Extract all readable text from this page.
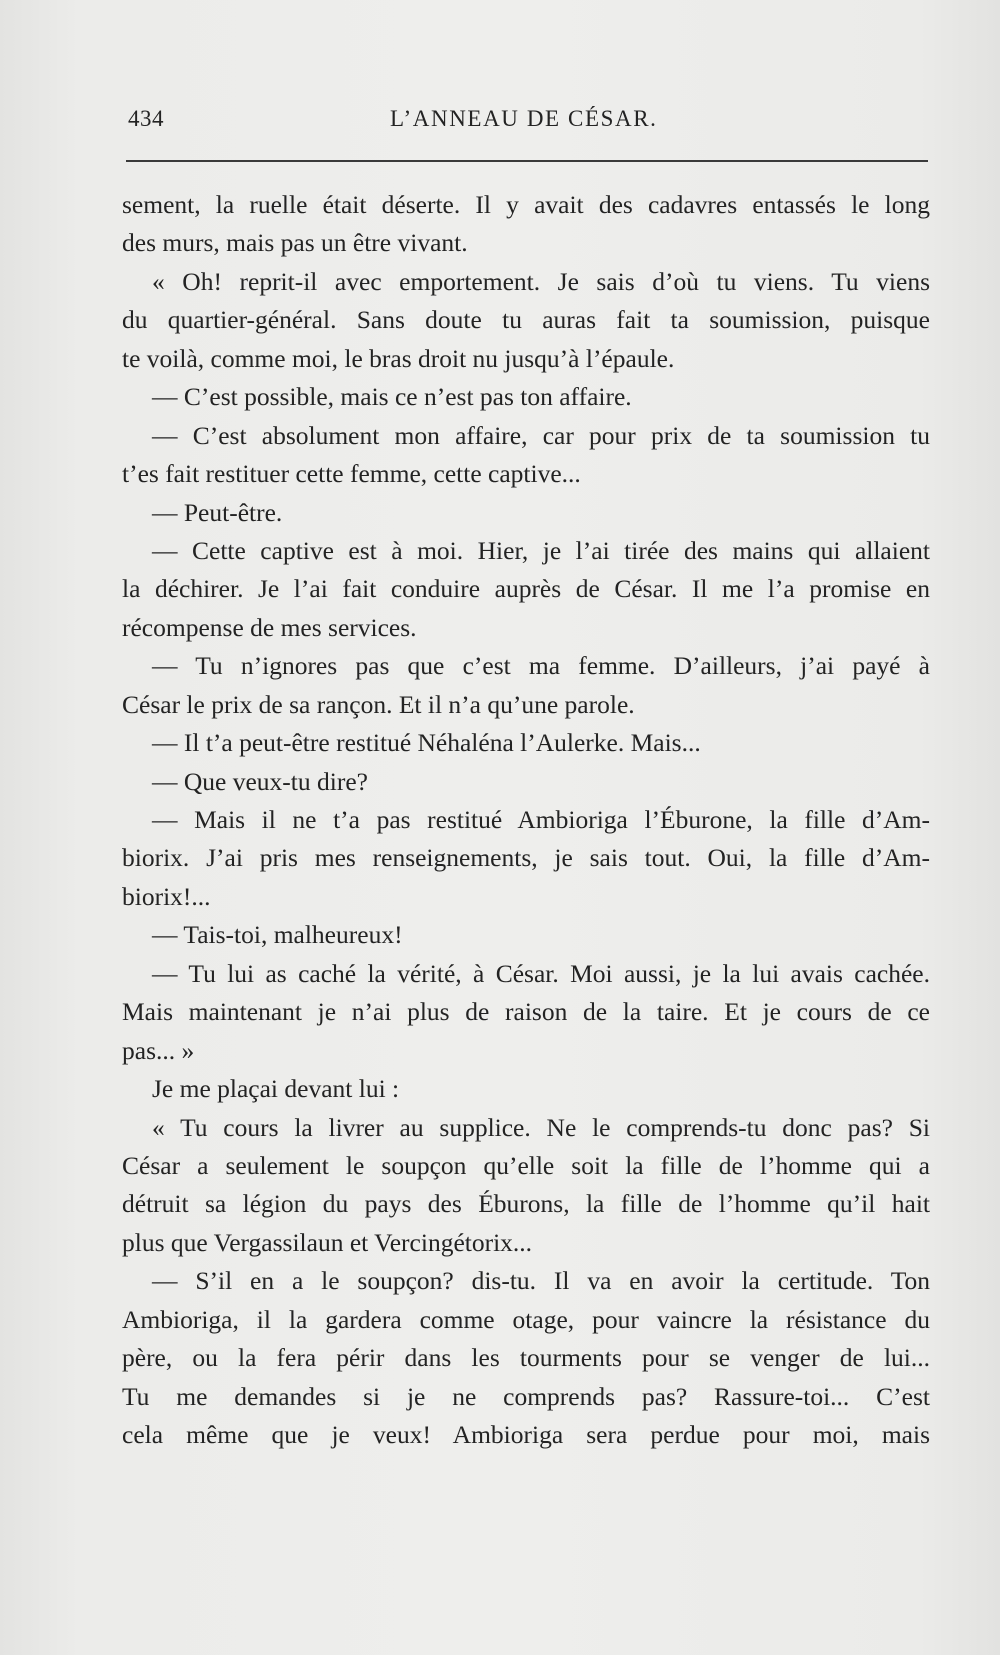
434	L’ANNEAU DE CÉSAR.
sement, la ruelle était déserte. Il y avait des cadavres entassés le long
des murs, mais pas un être vivant.
« Oh! reprit-il avec emportement. Je sais d’où tu viens. Tu viens
du quartier-général. Sans doute tu auras fait ta soumission, puisque
te voilà, comme moi, le bras droit nu jusqu’à l’épaule.
— C’est possible, mais ce n’est pas ton affaire.
— C’est absolument mon affaire, car pour prix de ta soumission tu
t’es fait restituer cette femme, cette captive...
— Peut-être.
— Cette captive est à moi. Hier, je l’ai tirée des mains qui allaient
la déchirer. Je l’ai fait conduire auprès de César. Il me l’a promise en
récompense de mes services.
— Tu n’ignores pas que c’est ma femme. D’ailleurs, j’ai payé à
César le prix de sa rançon. Et il n’a qu’une parole.
— Il t’a peut-être restitué Néhaléna l’Aulerke. Mais...
— Que veux-tu dire?
— Mais il ne t’a pas restitué Ambioriga l’Éburone, la fille d’Am-
biorix. J’ai pris mes renseignements, je sais tout. Oui, la fille d’Am-
biorix!...
— Tais-toi, malheureux!
— Tu lui as caché la vérité, à César. Moi aussi, je la lui avais cachée.
Mais maintenant je n’ai plus de raison de la taire. Et je cours de ce
pas... »
Je me plaçai devant lui :
« Tu cours la livrer au supplice. Ne le comprends-tu donc pas? Si
César a seulement le soupçon qu’elle soit la fille de l’homme qui a
détruit sa légion du pays des Éburons, la fille de l’homme qu’il hait
plus que Vergassilaun et Vercingétorix...
— S’il en a le soupçon? dis-tu. Il va en avoir la certitude. Ton
Ambioriga, il la gardera comme otage, pour vaincre la résistance du
père, ou la fera périr dans les tourments pour se venger de lui...
Tu me demandes si je ne comprends pas? Rassure-toi... C’est
cela même que je veux! Ambioriga sera perdue pour moi, mais
